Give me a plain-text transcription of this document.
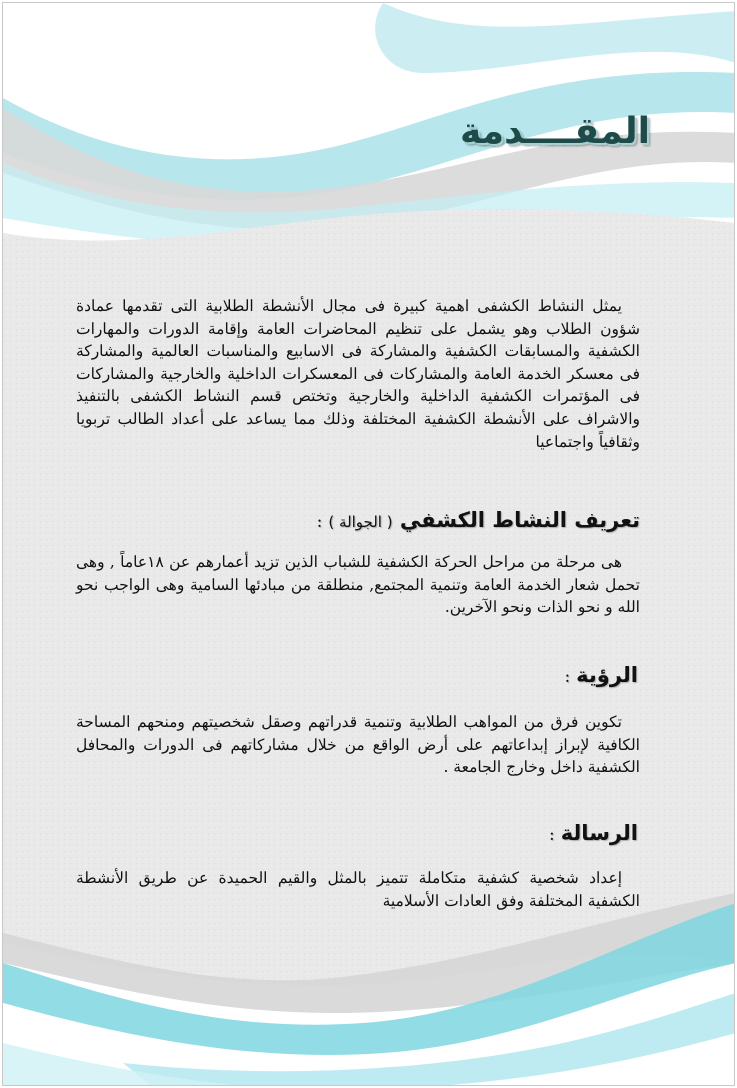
المقــــدمة

يمثل النشاط الكشفى اهمية كبيرة فى مجال الأنشطة الطلابية التى تقدمها عمادة شؤون الطلاب وهو يشمل على تنظيم المحاضرات العامة وإقامة الدورات والمهارات الكشفية والمسابقات الكشفية والمشاركة فى الاسابيع والمناسبات العالمية والمشاركة فى معسكر الخدمة العامة والمشاركات فى المعسكرات الداخلية والخارجية والمشاركات فى المؤتمرات الكشفية الداخلية والخارجية وتختص قسم النشاط الكشفى بالتنفيذ والاشراف على الأنشطة الكشفية المختلفة وذلك مما يساعد على أعداد الطالب تربويا وثقافياً واجتماعيا

تعريف النشاط الكشفي ( الجوالة ):

هى مرحلة من مراحل الحركة الكشفية للشباب الذين تزيد أعمارهم عن ١٨عاماً , وهى تحمل شعار الخدمة العامة وتنمية المجتمع, منطلقة من مبادئها السامية وهى الواجب نحو الله و نحو الذات ونحو الآخرين.

الرؤية:

تكوين فرق من المواهب الطلابية وتنمية قدراتهم وصقل شخصيتهم ومنحهم المساحة الكافية لإبراز إبداعاتهم على أرض الواقع من خلال مشاركاتهم فى الدورات والمحافل الكشفية داخل وخارج الجامعة .

الرسالة:

إعداد شخصية كشفية متكاملة تتميز بالمثل والقيم الحميدة عن طريق الأنشطة الكشفية المختلفة وفق العادات الأسلامية
